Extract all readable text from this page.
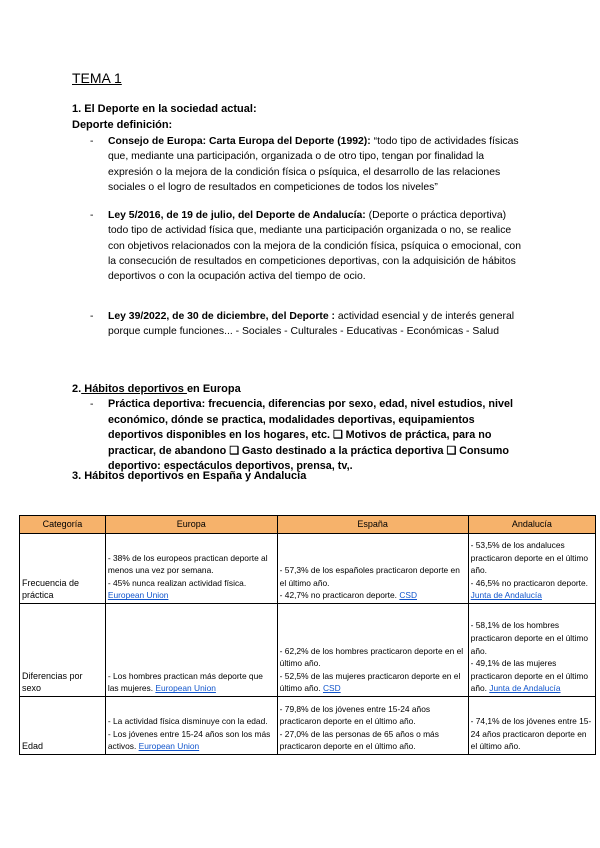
TEMA 1
1. El Deporte en la sociedad actual:
Deporte definición:
- Consejo de Europa: Carta Europa del Deporte (1992): “todo tipo de actividades físicas que, mediante una participación, organizada o de otro tipo, tengan por finalidad la expresión o la mejora de la condición física o psíquica, el desarrollo de las relaciones sociales o el logro de resultados en competiciones de todos los niveles”
- Ley 5/2016, de 19 de julio, del Deporte de Andalucía: (Deporte o práctica deportiva) todo tipo de actividad física que, mediante una participación organizada o no, se realice con objetivos relacionados con la mejora de la condición física, psíquica o emocional, con la consecución de resultados en competiciones deportivas, con la adquisición de hábitos deportivos o con la ocupación activa del tiempo de ocio.
- Ley 39/2022, de 30 de diciembre, del Deporte : actividad esencial y de interés general porque cumple funciones... - Sociales - Culturales - Educativas - Económicas - Salud
2. Hábitos deportivos en Europa
- Práctica deportiva: frecuencia, diferencias por sexo, edad, nivel estudios, nivel económico, dónde se practica, modalidades deportivas, equipamientos deportivos disponibles en los hogares, etc. ❑ Motivos de práctica, para no practicar, de abandono ❑ Gasto destinado a la práctica deportiva ❑ Consumo deportivo: espectáculos deportivos, prensa, tv,.
3. Hábitos deportivos en España y Andalucía
Categoría	Europa	España	Andalucía
Frecuencia de práctica	- 38% de los europeos practican deporte al menos una vez por semana.
- 45% nunca realizan actividad física. European Union	- 57,3% de los españoles practicaron deporte en el último año.
- 42,7% no practicaron deporte. CSD	- 53,5% de los andaluces practicaron deporte en el último año.
- 46,5% no practicaron deporte. Junta de Andalucía
Diferencias por sexo	- Los hombres practican más deporte que las mujeres. European Union	- 62,2% de los hombres practicaron deporte en el último año.
- 52,5% de las mujeres practicaron deporte en el último año. CSD	- 58,1% de los hombres practicaron deporte en el último año.
- 49,1% de las mujeres practicaron deporte en el último año. Junta de Andalucía
Edad	- La actividad física disminuye con la edad.
- Los jóvenes entre 15-24 años son los más activos. European Union	- 79,8% de los jóvenes entre 15-24 años practicaron deporte en el último año.
- 27,0% de las personas de 65 años o más practicaron deporte en el último año.	- 74,1% de los jóvenes entre 15-24 años practicaron deporte en el último año.
